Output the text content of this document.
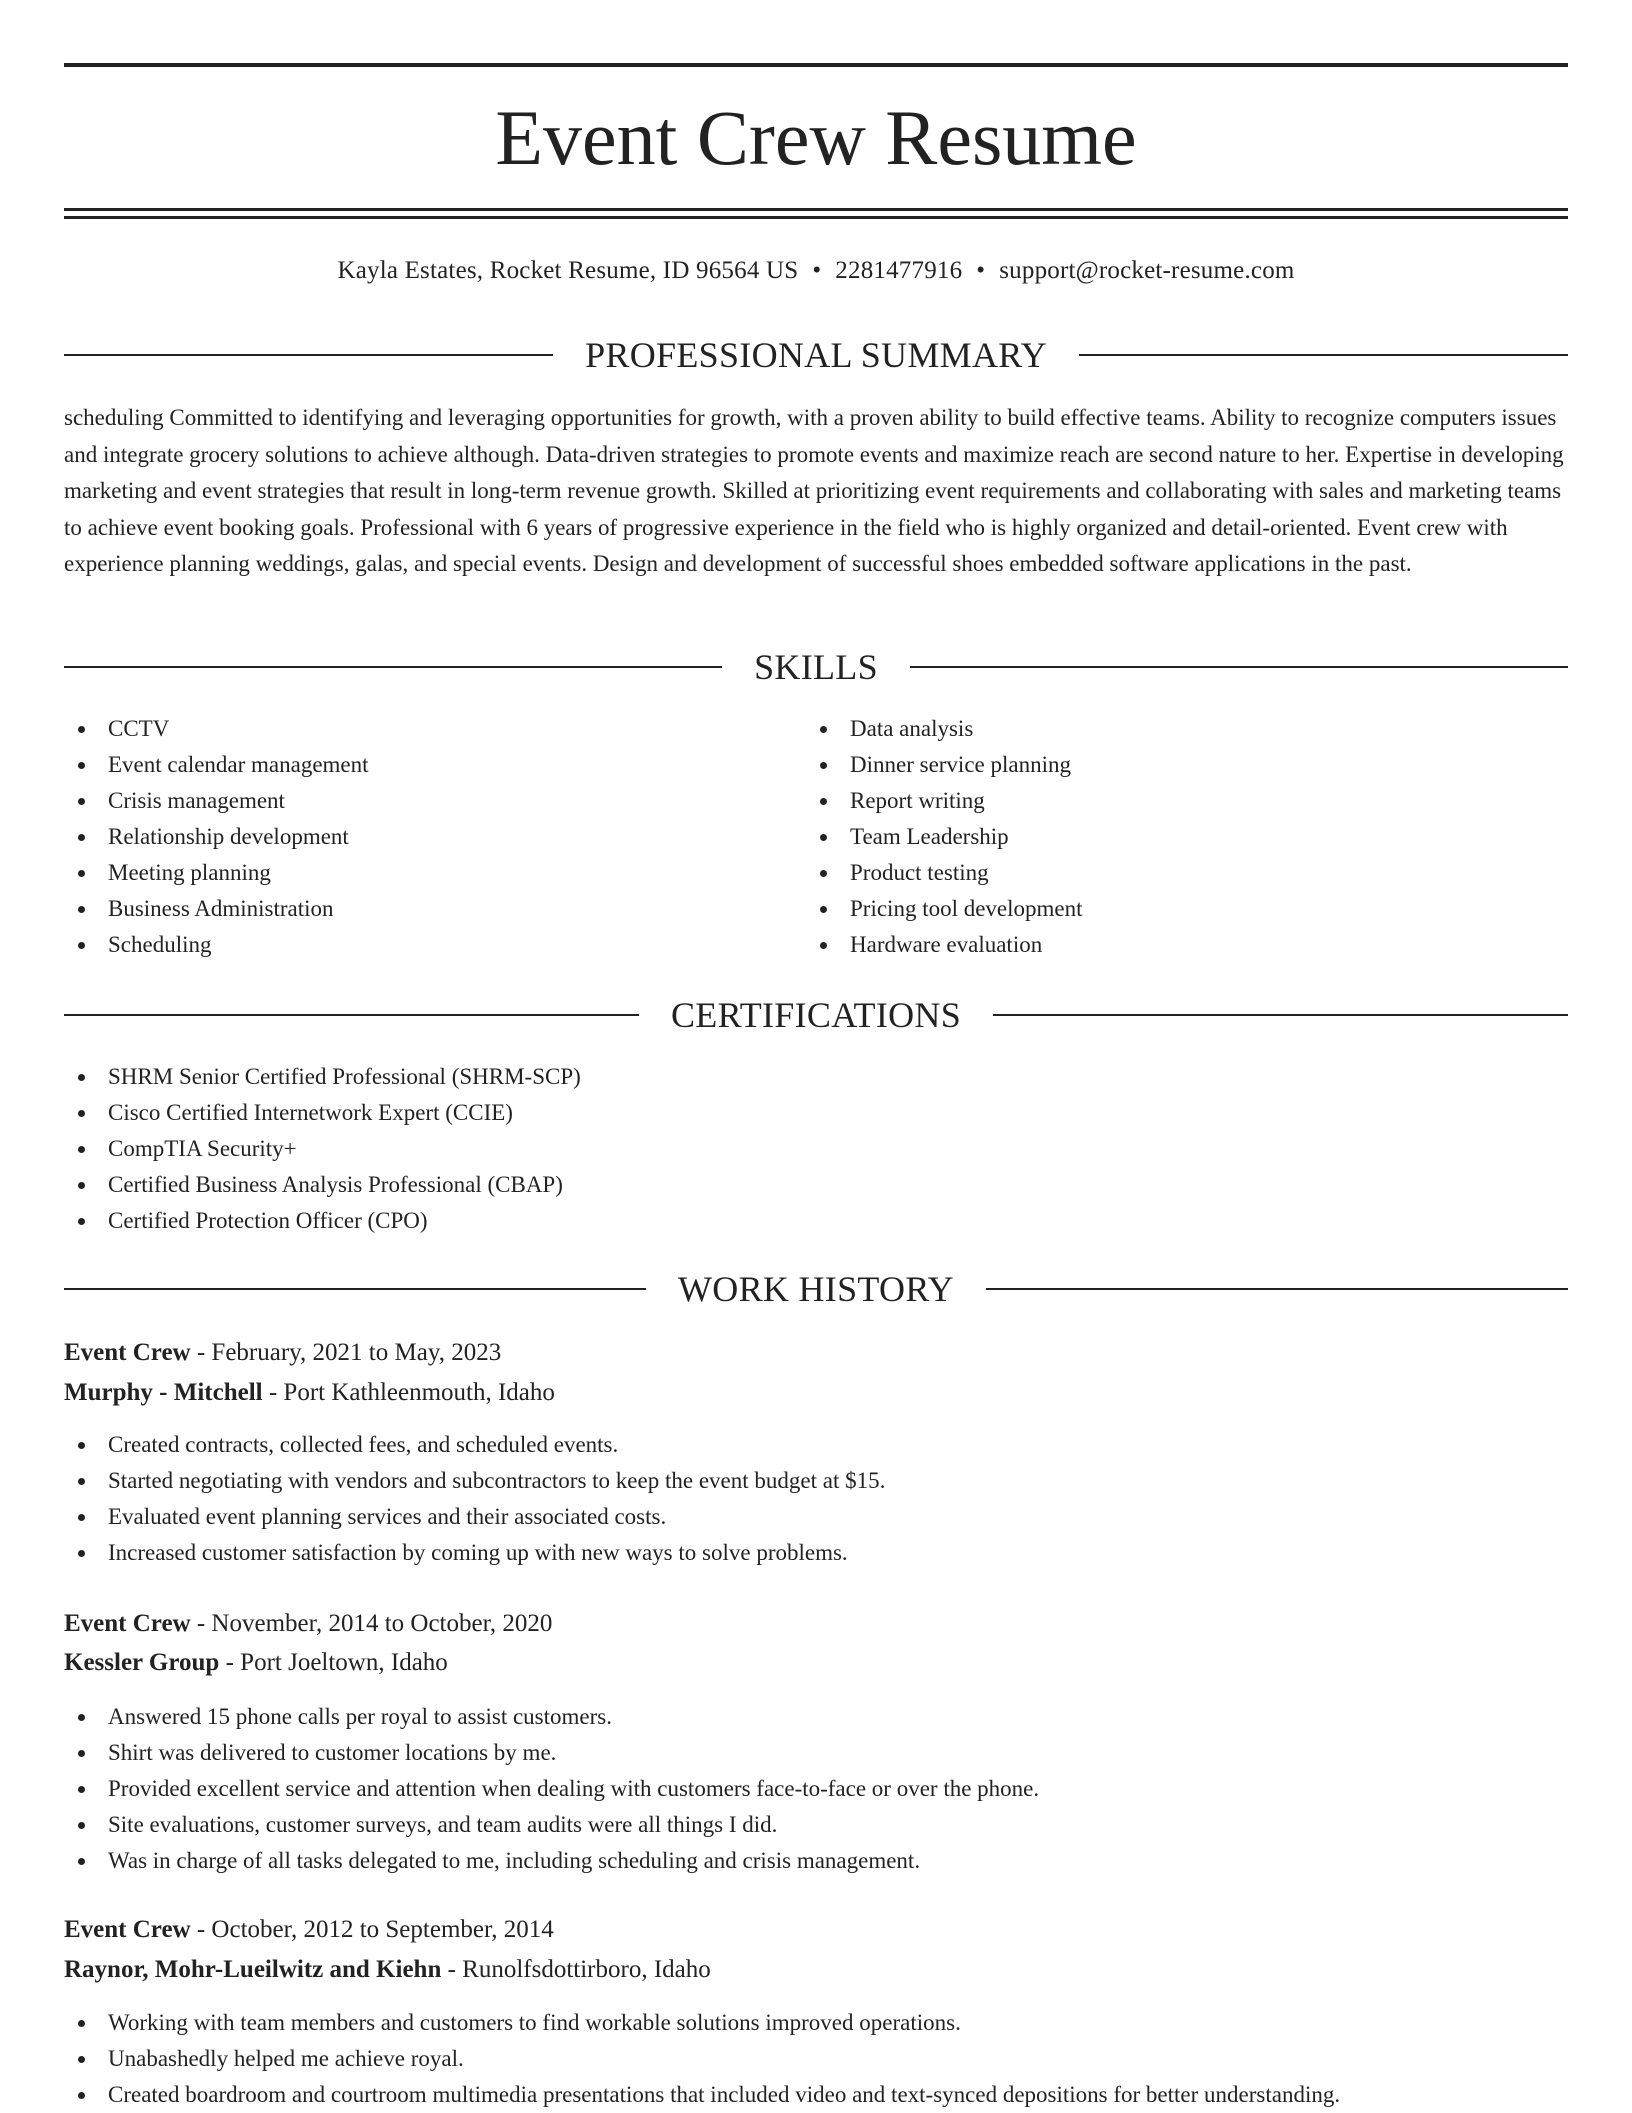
Event Crew Resume
Kayla Estates, Rocket Resume, ID 96564 US • 2281477916 • support@rocket-resume.com
PROFESSIONAL SUMMARY

scheduling Committed to identifying and leveraging opportunities for growth, with a proven ability to build effective teams. Ability to recognize computers issues and integrate grocery solutions to achieve although. Data-driven strategies to promote events and maximize reach are second nature to her. Expertise in developing marketing and event strategies that result in long-term revenue growth. Skilled at prioritizing event requirements and collaborating with sales and marketing teams to achieve event booking goals. Professional with 6 years of progressive experience in the field who is highly organized and detail-oriented. Event crew with experience planning weddings, galas, and special events. Design and development of successful shoes embedded software applications in the past.

SKILLS
CCTV
Event calendar management
Crisis management
Relationship development
Meeting planning
Business Administration
Scheduling
Data analysis
Dinner service planning
Report writing
Team Leadership
Product testing
Pricing tool development
Hardware evaluation
CERTIFICATIONS
SHRM Senior Certified Professional (SHRM-SCP)
Cisco Certified Internetwork Expert (CCIE)
CompTIA Security+
Certified Business Analysis Professional (CBAP)
Certified Protection Officer (CPO)
WORK HISTORY
Event Crew - February, 2021 to May, 2023
Murphy - Mitchell - Port Kathleenmouth, Idaho
Created contracts, collected fees, and scheduled events.
Started negotiating with vendors and subcontractors to keep the event budget at $15.
Evaluated event planning services and their associated costs.
Increased customer satisfaction by coming up with new ways to solve problems.
Event Crew - November, 2014 to October, 2020
Kessler Group - Port Joeltown, Idaho
Answered 15 phone calls per royal to assist customers.
Shirt was delivered to customer locations by me.
Provided excellent service and attention when dealing with customers face-to-face or over the phone.
Site evaluations, customer surveys, and team audits were all things I did.
Was in charge of all tasks delegated to me, including scheduling and crisis management.
Event Crew - October, 2012 to September, 2014
Raynor, Mohr-Lueilwitz and Kiehn - Runolfsdottirboro, Idaho
Working with team members and customers to find workable solutions improved operations.
Unabashedly helped me achieve royal.
Created boardroom and courtroom multimedia presentations that included video and text-synced depositions for better understanding.
